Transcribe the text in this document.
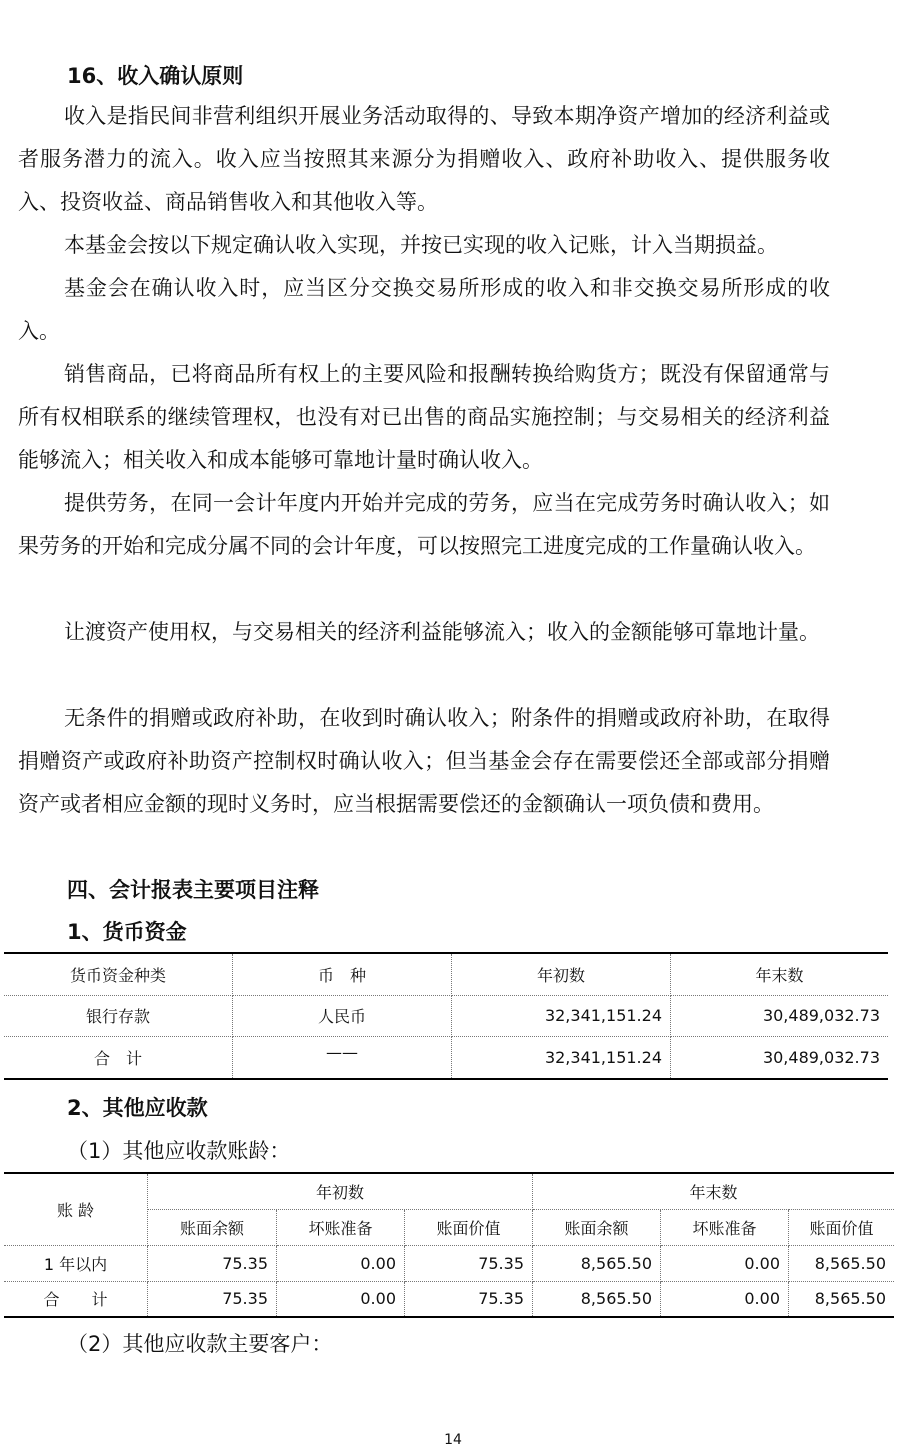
16、收入确认原则

收入是指民间非营利组织开展业务活动取得的、导致本期净资产增加的经济利益或者服务潜力的流入。收入应当按照其来源分为捐赠收入、政府补助收入、提供服务收入、投资收益、商品销售收入和其他收入等。

本基金会按以下规定确认收入实现，并按已实现的收入记账，计入当期损益。

基金会在确认收入时，应当区分交换交易所形成的收入和非交换交易所形成的收入。

销售商品，已将商品所有权上的主要风险和报酬转换给购货方；既没有保留通常与所有权相联系的继续管理权，也没有对已出售的商品实施控制；与交易相关的经济利益能够流入；相关收入和成本能够可靠地计量时确认收入。

提供劳务，在同一会计年度内开始并完成的劳务，应当在完成劳务时确认收入；如果劳务的开始和完成分属不同的会计年度，可以按照完工进度完成的工作量确认收入。

让渡资产使用权，与交易相关的经济利益能够流入；收入的金额能够可靠地计量。

无条件的捐赠或政府补助，在收到时确认收入；附条件的捐赠或政府补助，在取得捐赠资产或政府补助资产控制权时确认收入；但当基金会存在需要偿还全部或部分捐赠资产或者相应金额的现时义务时，应当根据需要偿还的金额确认一项负债和费用。

四、会计报表主要项目注释
1、货币资金
货币资金种类	币　种	年初数	年末数
银行存款	人民币	32,341,151.24	30,489,032.73
合　计	——	32,341,151.24	30,489,032.73
2、其他应收款
（1）其他应收款账龄：
账 龄	年初数			年末数		
	账面余额	坏账准备	账面价值	账面余额	坏账准备	账面价值
1 年以内	75.35	0.00	75.35	8,565.50	0.00	8,565.50
合　　计	75.35	0.00	75.35	8,565.50	0.00	8,565.50
（2）其他应收款主要客户：
14
